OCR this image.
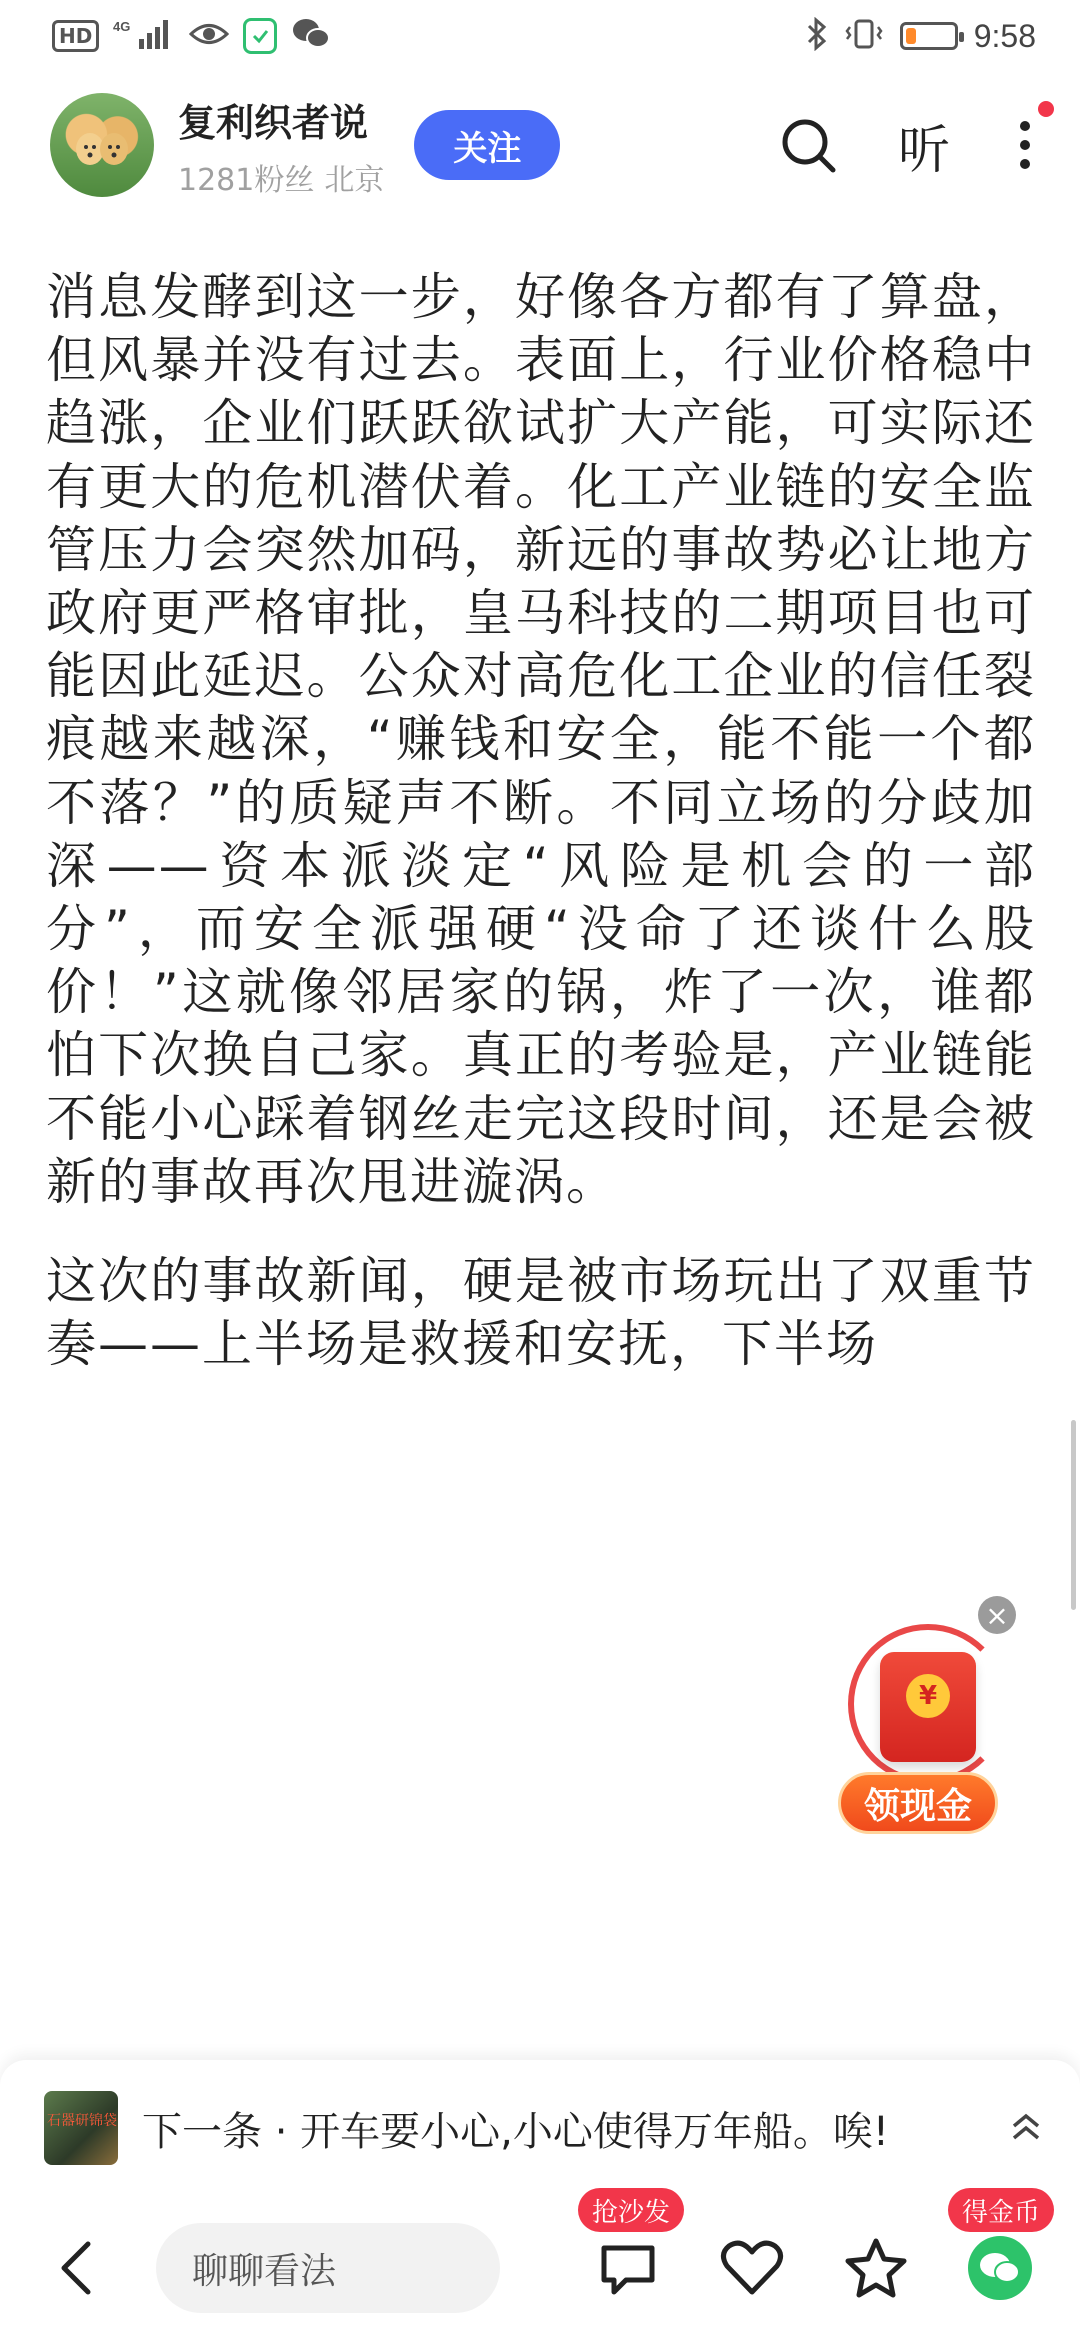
HD	4G	9:58
复利织者说
1281粉丝 北京
关注	听

消息发酵到这一步，好像各方都有了算盘，但风暴并没有过去。表面上，行业价格稳中趋涨，企业们跃跃欲试扩大产能，可实际还有更大的危机潜伏着。化工产业链的安全监管压力会突然加码，新远的事故势必让地方政府更严格审批，皇马科技的二期项目也可能因此延迟。公众对高危化工企业的信任裂痕越来越深，“赚钱和安全，能不能一个都不落？”的质疑声不断。不同立场的分歧加深——资本派淡定“风险是机会的一部分”，而安全派强硬“没命了还谈什么股价！”这就像邻居家的锅，炸了一次，谁都怕下次换自己家。真正的考验是，产业链能不能小心踩着钢丝走完这段时间，还是会被新的事故再次甩进漩涡。

这次的事故新闻，硬是被市场玩出了双重节奏——上半场是救援和安抚，下半场

¥
×
领现金
石器研锦袋 下一条 · 开车要小心,小心使得万年船。唉!
聊聊看法
抢沙发	得金币
